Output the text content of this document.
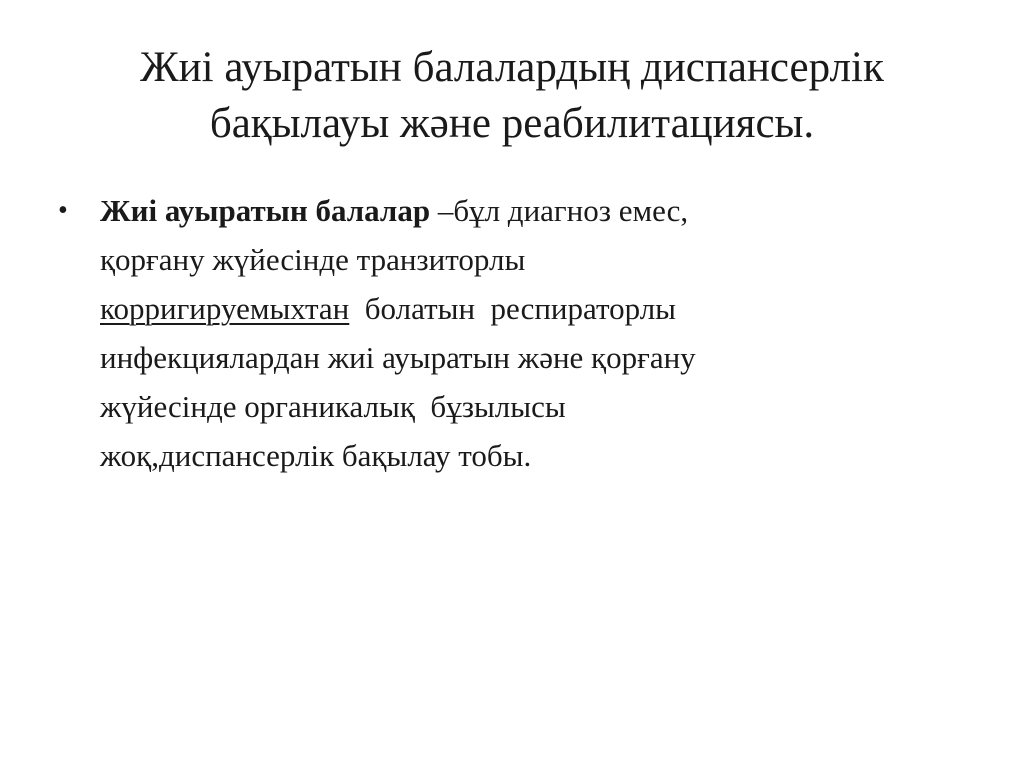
Жиі ауыратын балалардың диспансерлік
бақылауы және реабилитациясы.
• Жиі ауыратын балалар –бұл диагноз емес,
қорғану жүйесінде транзиторлы
корригируемыхтан  болатын  респираторлы
инфекциялардан жиі ауыратын және қорғану
жүйесінде органикалық  бұзылысы
жоқ,диспансерлік бақылау тобы.
